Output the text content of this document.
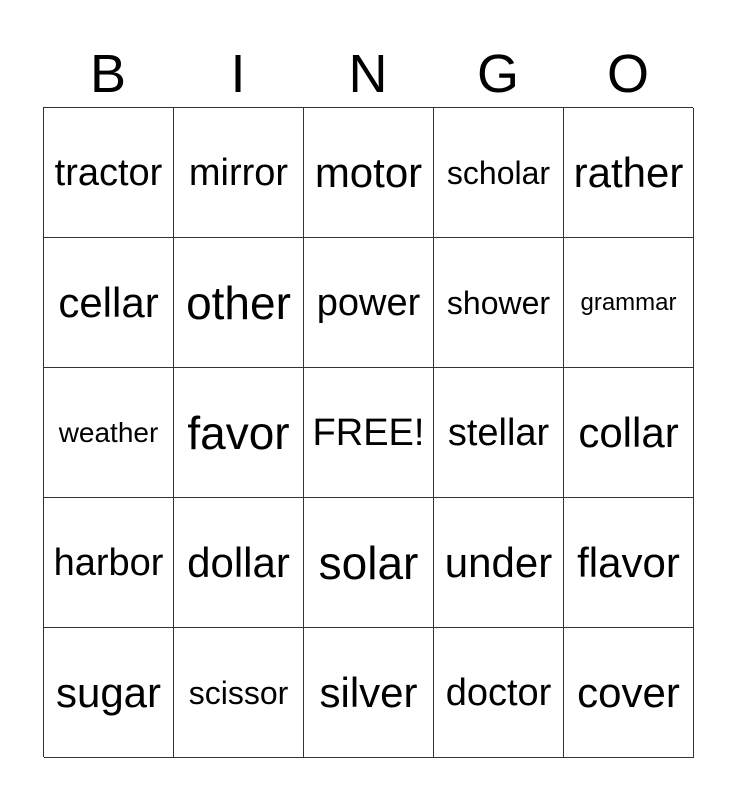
B	I	N	G	O
tractor mirror motor scholar rather
cellar other power shower	grammar
weather favor FREE! stellar collar
harbor dollar solar under flavor
sugar scissor silver doctor cover
